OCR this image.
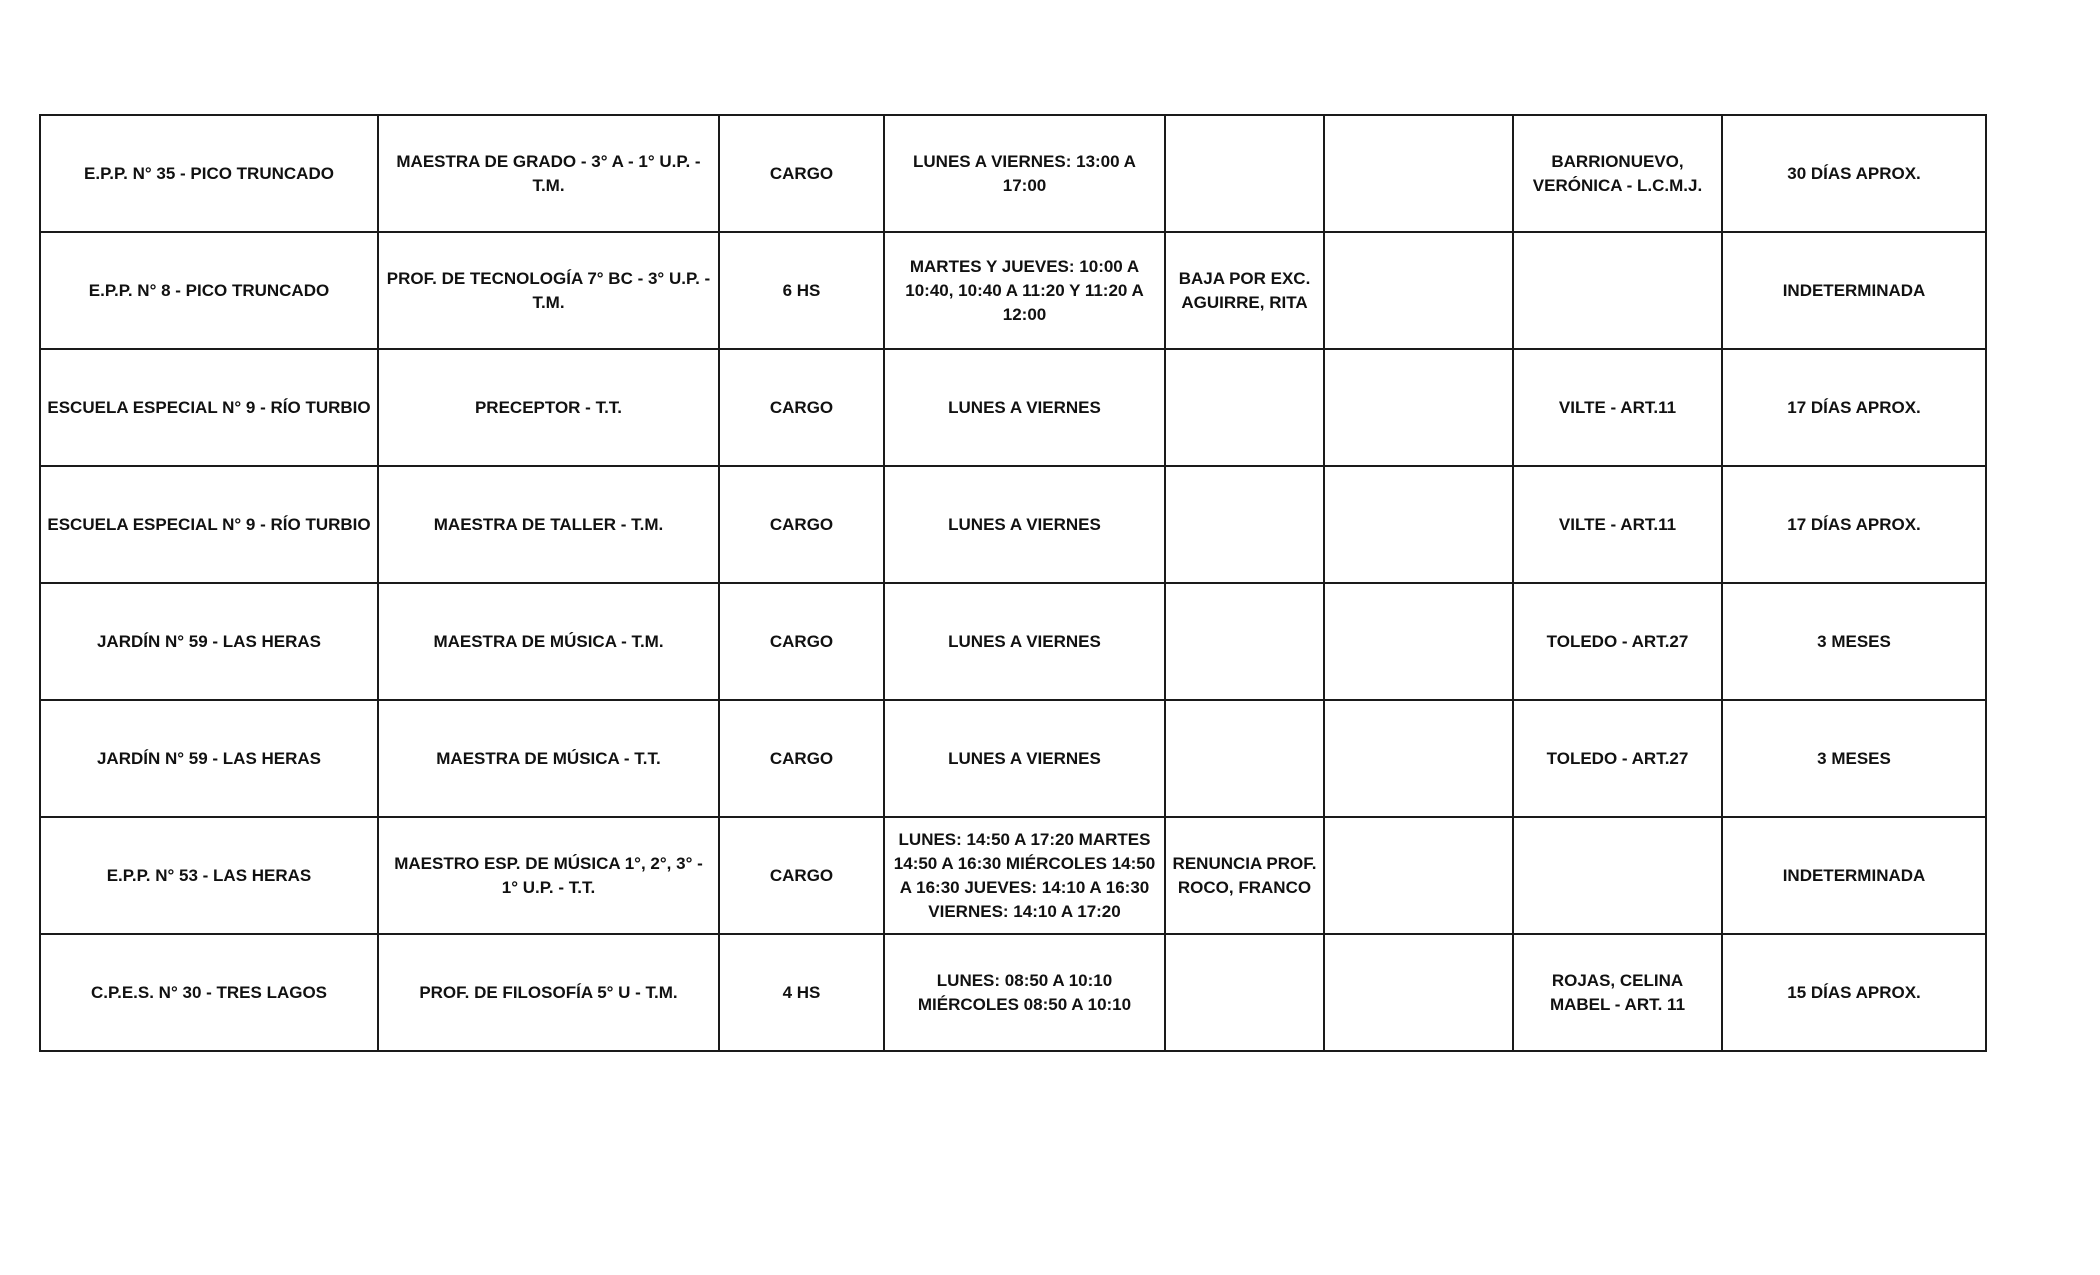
E.P.P. N° 35 - PICO TRUNCADO	MAESTRA DE GRADO - 3° A - 1° U.P. - T.M.	CARGO	LUNES A VIERNES: 13:00 A 17:00			BARRIONUEVO, VERÓNICA - L.C.M.J.	30 DÍAS APROX.
E.P.P. N° 8 - PICO TRUNCADO	PROF. DE TECNOLOGÍA 7° BC - 3° U.P. - T.M.	6 HS	MARTES Y JUEVES: 10:00 A 10:40, 10:40 A 11:20 Y 11:20 A 12:00	BAJA POR EXC. AGUIRRE, RITA			INDETERMINADA
ESCUELA ESPECIAL N° 9 - RÍO TURBIO	PRECEPTOR - T.T.	CARGO	LUNES A VIERNES			VILTE - ART.11	17 DÍAS APROX.
ESCUELA ESPECIAL N° 9 - RÍO TURBIO	MAESTRA DE TALLER - T.M.	CARGO	LUNES A VIERNES			VILTE - ART.11	17 DÍAS APROX.
JARDÍN N° 59 - LAS HERAS	MAESTRA DE MÚSICA - T.M.	CARGO	LUNES A VIERNES			TOLEDO - ART.27	3 MESES
JARDÍN N° 59 - LAS HERAS	MAESTRA DE MÚSICA - T.T.	CARGO	LUNES A VIERNES			TOLEDO - ART.27	3 MESES
E.P.P. N° 53 - LAS HERAS	MAESTRO ESP. DE MÚSICA 1°, 2°, 3° - 1° U.P. - T.T.	CARGO	LUNES: 14:50 A 17:20 MARTES 14:50 A 16:30 MIÉRCOLES 14:50 A 16:30 JUEVES: 14:10 A 16:30 VIERNES: 14:10 A 17:20	RENUNCIA PROF. ROCO, FRANCO			INDETERMINADA
C.P.E.S. N° 30 - TRES LAGOS	PROF. DE FILOSOFÍA 5° U - T.M.	4 HS	LUNES: 08:50 A 10:10 MIÉRCOLES 08:50 A 10:10			ROJAS, CELINA MABEL - ART. 11	15 DÍAS APROX.
